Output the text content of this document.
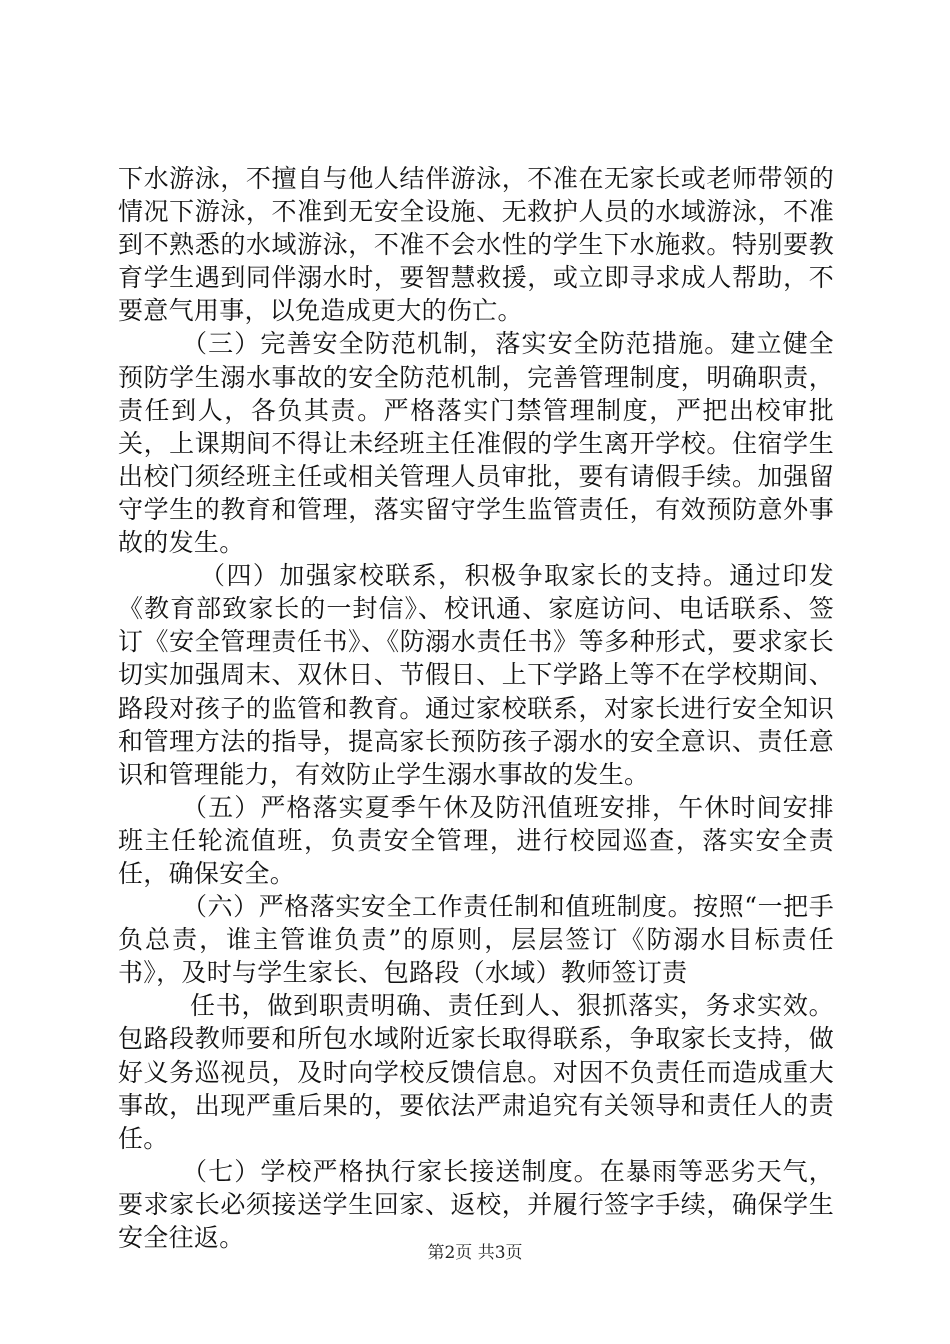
下水游泳，不擅自与他人结伴游泳，不准在无家长或老师带领的情况下游泳，不准到无安全设施、无救护人员的水域游泳，不准到不熟悉的水域游泳，不准不会水性的学生下水施救。特别要教育学生遇到同伴溺水时，要智慧救援，或立即寻求成人帮助，不要意气用事，以免造成更大的伤亡。

（三）完善安全防范机制，落实安全防范措施。建立健全预防学生溺水事故的安全防范机制，完善管理制度，明确职责，责任到人，各负其责。严格落实门禁管理制度，严把出校审批关，上课期间不得让未经班主任准假的学生离开学校。住宿学生出校门须经班主任或相关管理人员审批，要有请假手续。加强留守学生的教育和管理，落实留守学生监管责任，有效预防意外事故的发生。

（四）加强家校联系，积极争取家长的支持。通过印发《教育部致家长的一封信》、校讯通、家庭访问、电话联系、签订《安全管理责任书》、《防溺水责任书》等多种形式，要求家长切实加强周末、双休日、节假日、上下学路上等不在学校期间、路段对孩子的监管和教育。通过家校联系，对家长进行安全知识和管理方法的指导，提高家长预防孩子溺水的安全意识、责任意识和管理能力，有效防止学生溺水事故的发生。

（五）严格落实夏季午休及防汛值班安排，午休时间安排班主任轮流值班，负责安全管理，进行校园巡查，落实安全责任，确保安全。

（六）严格落实安全工作责任制和值班制度。按照“一把手负总责，谁主管谁负责”的原则，层层签订《防溺水目标责任书》，及时与学生家长、包路段（水域）教师签订责

任书，做到职责明确、责任到人、狠抓落实，务求实效。包路段教师要和所包水域附近家长取得联系，争取家长支持，做好义务巡视员，及时向学校反馈信息。对因不负责任而造成重大事故，出现严重后果的，要依法严肃追究有关领导和责任人的责任。

（七）学校严格执行家长接送制度。在暴雨等恶劣天气，要求家长必须接送学生回家、返校，并履行签字手续，确保学生安全往返。

第2页 共3页
